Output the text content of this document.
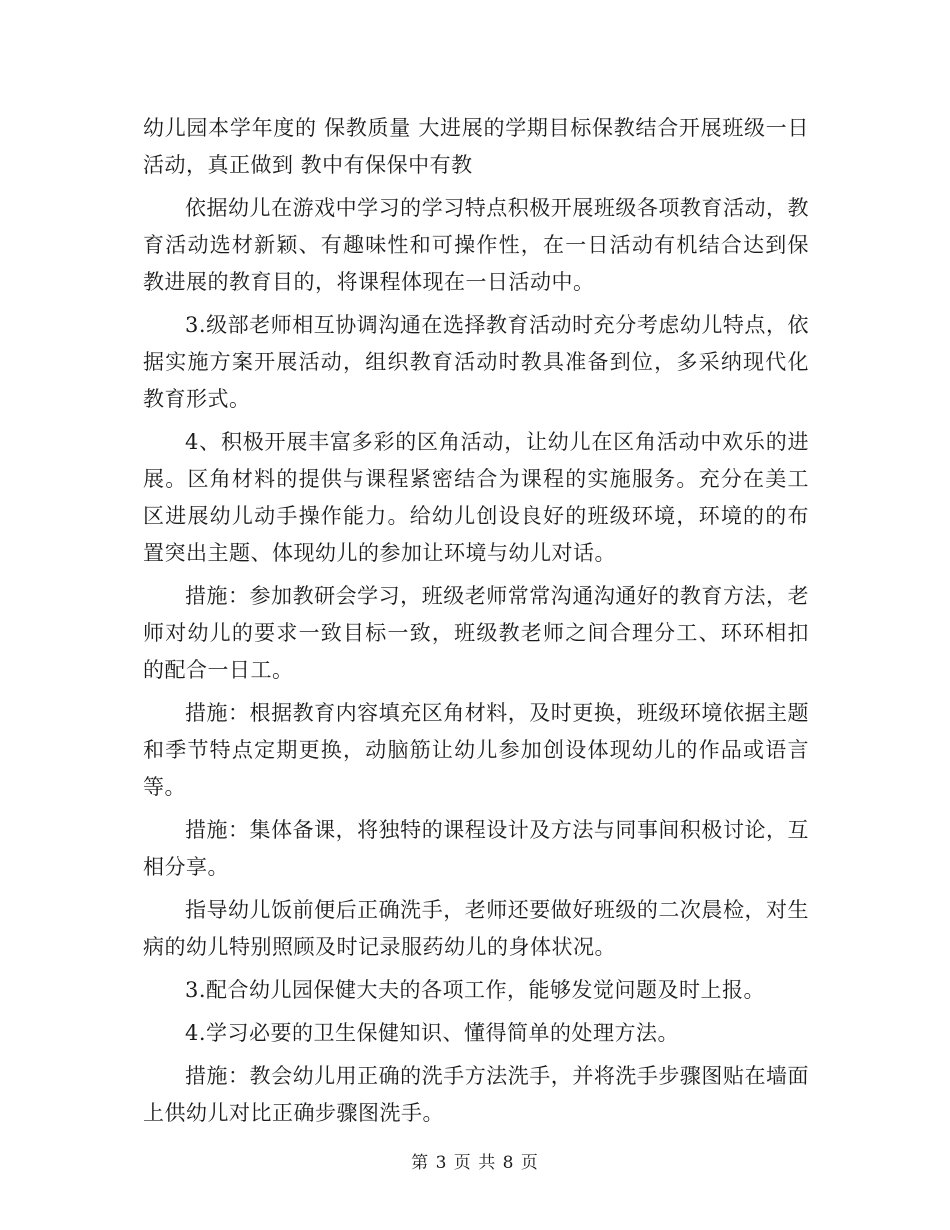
幼儿园本学年度的 保教质量 大进展的学期目标保教结合开展班级一日活动，真正做到 教中有保保中有教

依据幼儿在游戏中学习的学习特点积极开展班级各项教育活动，教育活动选材新颖、有趣味性和可操作性，在一日活动有机结合达到保教进展的教育目的，将课程体现在一日活动中。

3.级部老师相互协调沟通在选择教育活动时充分考虑幼儿特点，依据实施方案开展活动，组织教育活动时教具准备到位，多采纳现代化教育形式。

4、积极开展丰富多彩的区角活动，让幼儿在区角活动中欢乐的进展。区角材料的提供与课程紧密结合为课程的实施服务。充分在美工区进展幼儿动手操作能力。给幼儿创设良好的班级环境，环境的的布置突出主题、体现幼儿的参加让环境与幼儿对话。

措施：参加教研会学习，班级老师常常沟通沟通好的教育方法，老师对幼儿的要求一致目标一致，班级教老师之间合理分工、环环相扣的配合一日工。

措施：根据教育内容填充区角材料，及时更换，班级环境依据主题和季节特点定期更换，动脑筋让幼儿参加创设体现幼儿的作品或语言等。

措施：集体备课，将独特的课程设计及方法与同事间积极讨论，互相分享。

指导幼儿饭前便后正确洗手，老师还要做好班级的二次晨检，对生病的幼儿特别照顾及时记录服药幼儿的身体状况。

3.配合幼儿园保健大夫的各项工作，能够发觉问题及时上报。

4.学习必要的卫生保健知识、懂得简单的处理方法。

措施：教会幼儿用正确的洗手方法洗手，并将洗手步骤图贴在墙面上供幼儿对比正确步骤图洗手。

第 3 页 共 8 页
